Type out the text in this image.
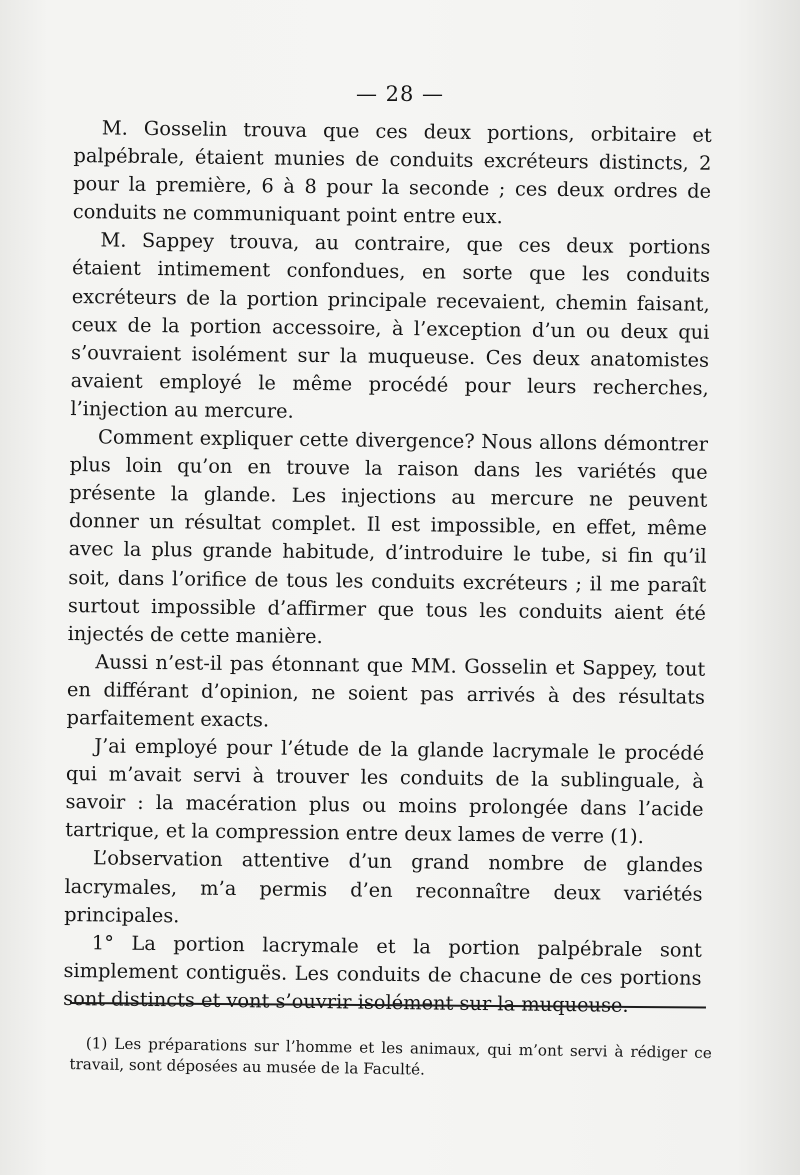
— 28 —

M. Gosselin trouva que ces deux portions, orbitaire et palpébrale, étaient munies de conduits excréteurs distincts, 2 pour la première, 6 à 8 pour la seconde ; ces deux ordres de conduits ne communiquant point entre eux.

M. Sappey trouva, au contraire, que ces deux portions étaient intimement confondues, en sorte que les conduits excréteurs de la portion principale recevaient, chemin faisant, ceux de la portion accessoire, à l’exception d’un ou deux qui s’ouvraient isolément sur la muqueuse. Ces deux anatomistes avaient employé le même procédé pour leurs recherches, l’injection au mercure.

Comment expliquer cette divergence? Nous allons démontrer plus loin qu’on en trouve la raison dans les variétés que présente la glande. Les injections au mercure ne peuvent donner un résultat complet. Il est impossible, en effet, même avec la plus grande habitude, d’introduire le tube, si fin qu’il soit, dans l’orifice de tous les conduits excréteurs ; il me paraît surtout impossible d’affirmer que tous les conduits aient été injectés de cette manière.

Aussi n’est-il pas étonnant que MM. Gosselin et Sappey, tout en différant d’opinion, ne soient pas arrivés à des résultats parfaitement exacts.

J’ai employé pour l’étude de la glande lacrymale le procédé qui m’avait servi à trouver les conduits de la sublinguale, à savoir : la macération plus ou moins prolongée dans l’acide tartrique, et la compression entre deux lames de verre (1).

L’observation attentive d’un grand nombre de glandes lacrymales, m’a permis d’en reconnaître deux variétés principales.

1° La portion lacrymale et la portion palpébrale sont simplement contiguës. Les conduits de chacune de ces portions sont distincts et vont s’ouvrir isolément sur la muqueuse.

(1) Les préparations sur l’homme et les animaux, qui m’ont servi à rédiger ce travail, sont déposées au musée de la Faculté.
